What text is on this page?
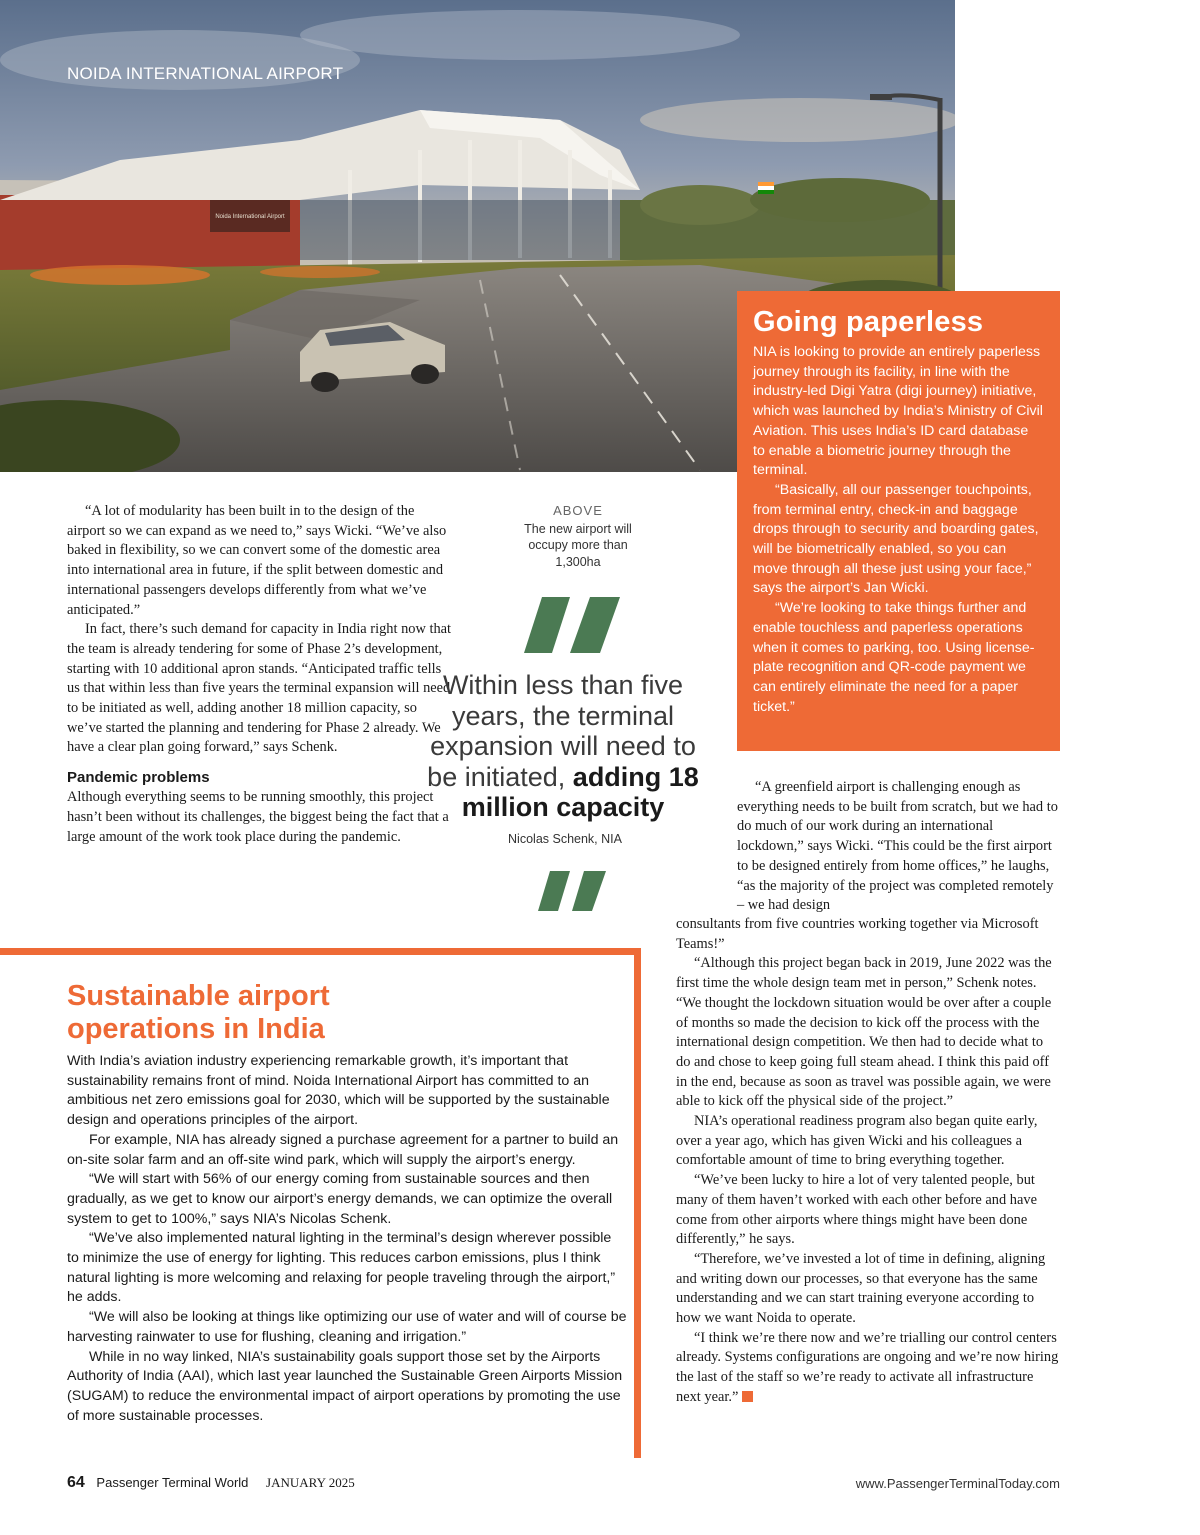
Noida International Airport
NOIDA INTERNATIONAL AIRPORT
Going paperless

NIA is looking to provide an entirely paperless journey through its facility, in line with the industry-led Digi Yatra (digi journey) initiative, which was launched by India’s Ministry of Civil Aviation. This uses India’s ID card database to enable a biometric journey through the terminal.

“Basically, all our passenger touchpoints, from terminal entry, check-in and baggage drops through to security and boarding gates, will be biometrically enabled, so you can move through all these just using your face,” says the airport’s Jan Wicki.

“We’re looking to take things further and enable touchless and paperless operations when it comes to parking, too. Using license-plate recognition and QR-code payment we can entirely eliminate the need for a paper ticket.”

“A lot of modularity has been built in to the design of the airport so we can expand as we need to,” says Wicki. “We’ve also baked in flexibility, so we can convert some of the domestic area into international area in future, if the split between domestic and international passengers develops differently from what we’ve anticipated.”

In fact, there’s such demand for capacity in India right now that the team is already tendering for some of Phase 2’s development, starting with 10 additional apron stands. “Anticipated traffic tells us that within less than five years the terminal expansion will need to be initiated as well, adding another 18 million capacity, so we’ve started the planning and tendering for Phase 2 already. We have a clear plan going forward,” says Schenk.

Pandemic problems

Although everything seems to be running smoothly, this project hasn’t been without its challenges, the biggest being the fact that a large amount of the work took place during the pandemic.

ABOVE
The new airport will occupy more than 1,300ha
Within less than five years, the terminal expansion will need to be initiated, adding 18 million capacity
Nicolas Schenk, NIA

“A greenfield airport is challenging enough as everything needs to be built from scratch, but we had to do much of our work during an international lockdown,” says Wicki. “This could be the first airport to be designed entirely from home offices,” he laughs, “as the majority of the project was completed remotely – we had design

consultants from five countries working together via Microsoft Teams!”

“Although this project began back in 2019, June 2022 was the first time the whole design team met in person,” Schenk notes. “We thought the lockdown situation would be over after a couple of months so made the decision to kick off the process with the international design competition. We then had to decide what to do and chose to keep going full steam ahead. I think this paid off in the end, because as soon as travel was possible again, we were able to kick off the physical side of the project.”

NIA’s operational readiness program also began quite early, over a year ago, which has given Wicki and his colleagues a comfortable amount of time to bring everything together.

“We’ve been lucky to hire a lot of very talented people, but many of them haven’t worked with each other before and have come from other airports where things might have been done differently,” he says.

“Therefore, we’ve invested a lot of time in defining, aligning and writing down our processes, so that everyone has the same understanding and we can start training everyone according to how we want Noida to operate.

“I think we’re there now and we’re trialling our control centers already. Systems configurations are ongoing and we’re now hiring the last of the staff so we’re ready to activate all infrastructure next year.”

Sustainable airport
operations in India

With India’s aviation industry experiencing remarkable growth, it’s important that sustainability remains front of mind. Noida International Airport has committed to an ambitious net zero emissions goal for 2030, which will be supported by the sustainable design and operations principles of the airport.

For example, NIA has already signed a purchase agreement for a partner to build an on-site solar farm and an off-site wind park, which will supply the airport’s energy.

“We will start with 56% of our energy coming from sustainable sources and then gradually, as we get to know our airport’s energy demands, we can optimize the overall system to get to 100%,” says NIA’s Nicolas Schenk.

“We’ve also implemented natural lighting in the terminal’s design wherever possible to minimize the use of energy for lighting. This reduces carbon emissions, plus I think natural lighting is more welcoming and relaxing for people traveling through the airport,” he adds.

“We will also be looking at things like optimizing our use of water and will of course be harvesting rainwater to use for flushing, cleaning and irrigation.”

While in no way linked, NIA’s sustainability goals support those set by the Airports Authority of India (AAI), which last year launched the Sustainable Green Airports Mission (SUGAM) to reduce the environmental impact of airport operations by promoting the use of more sustainable processes.

64 Passenger Terminal World JANUARY 2025	www.PassengerTerminalToday.com
